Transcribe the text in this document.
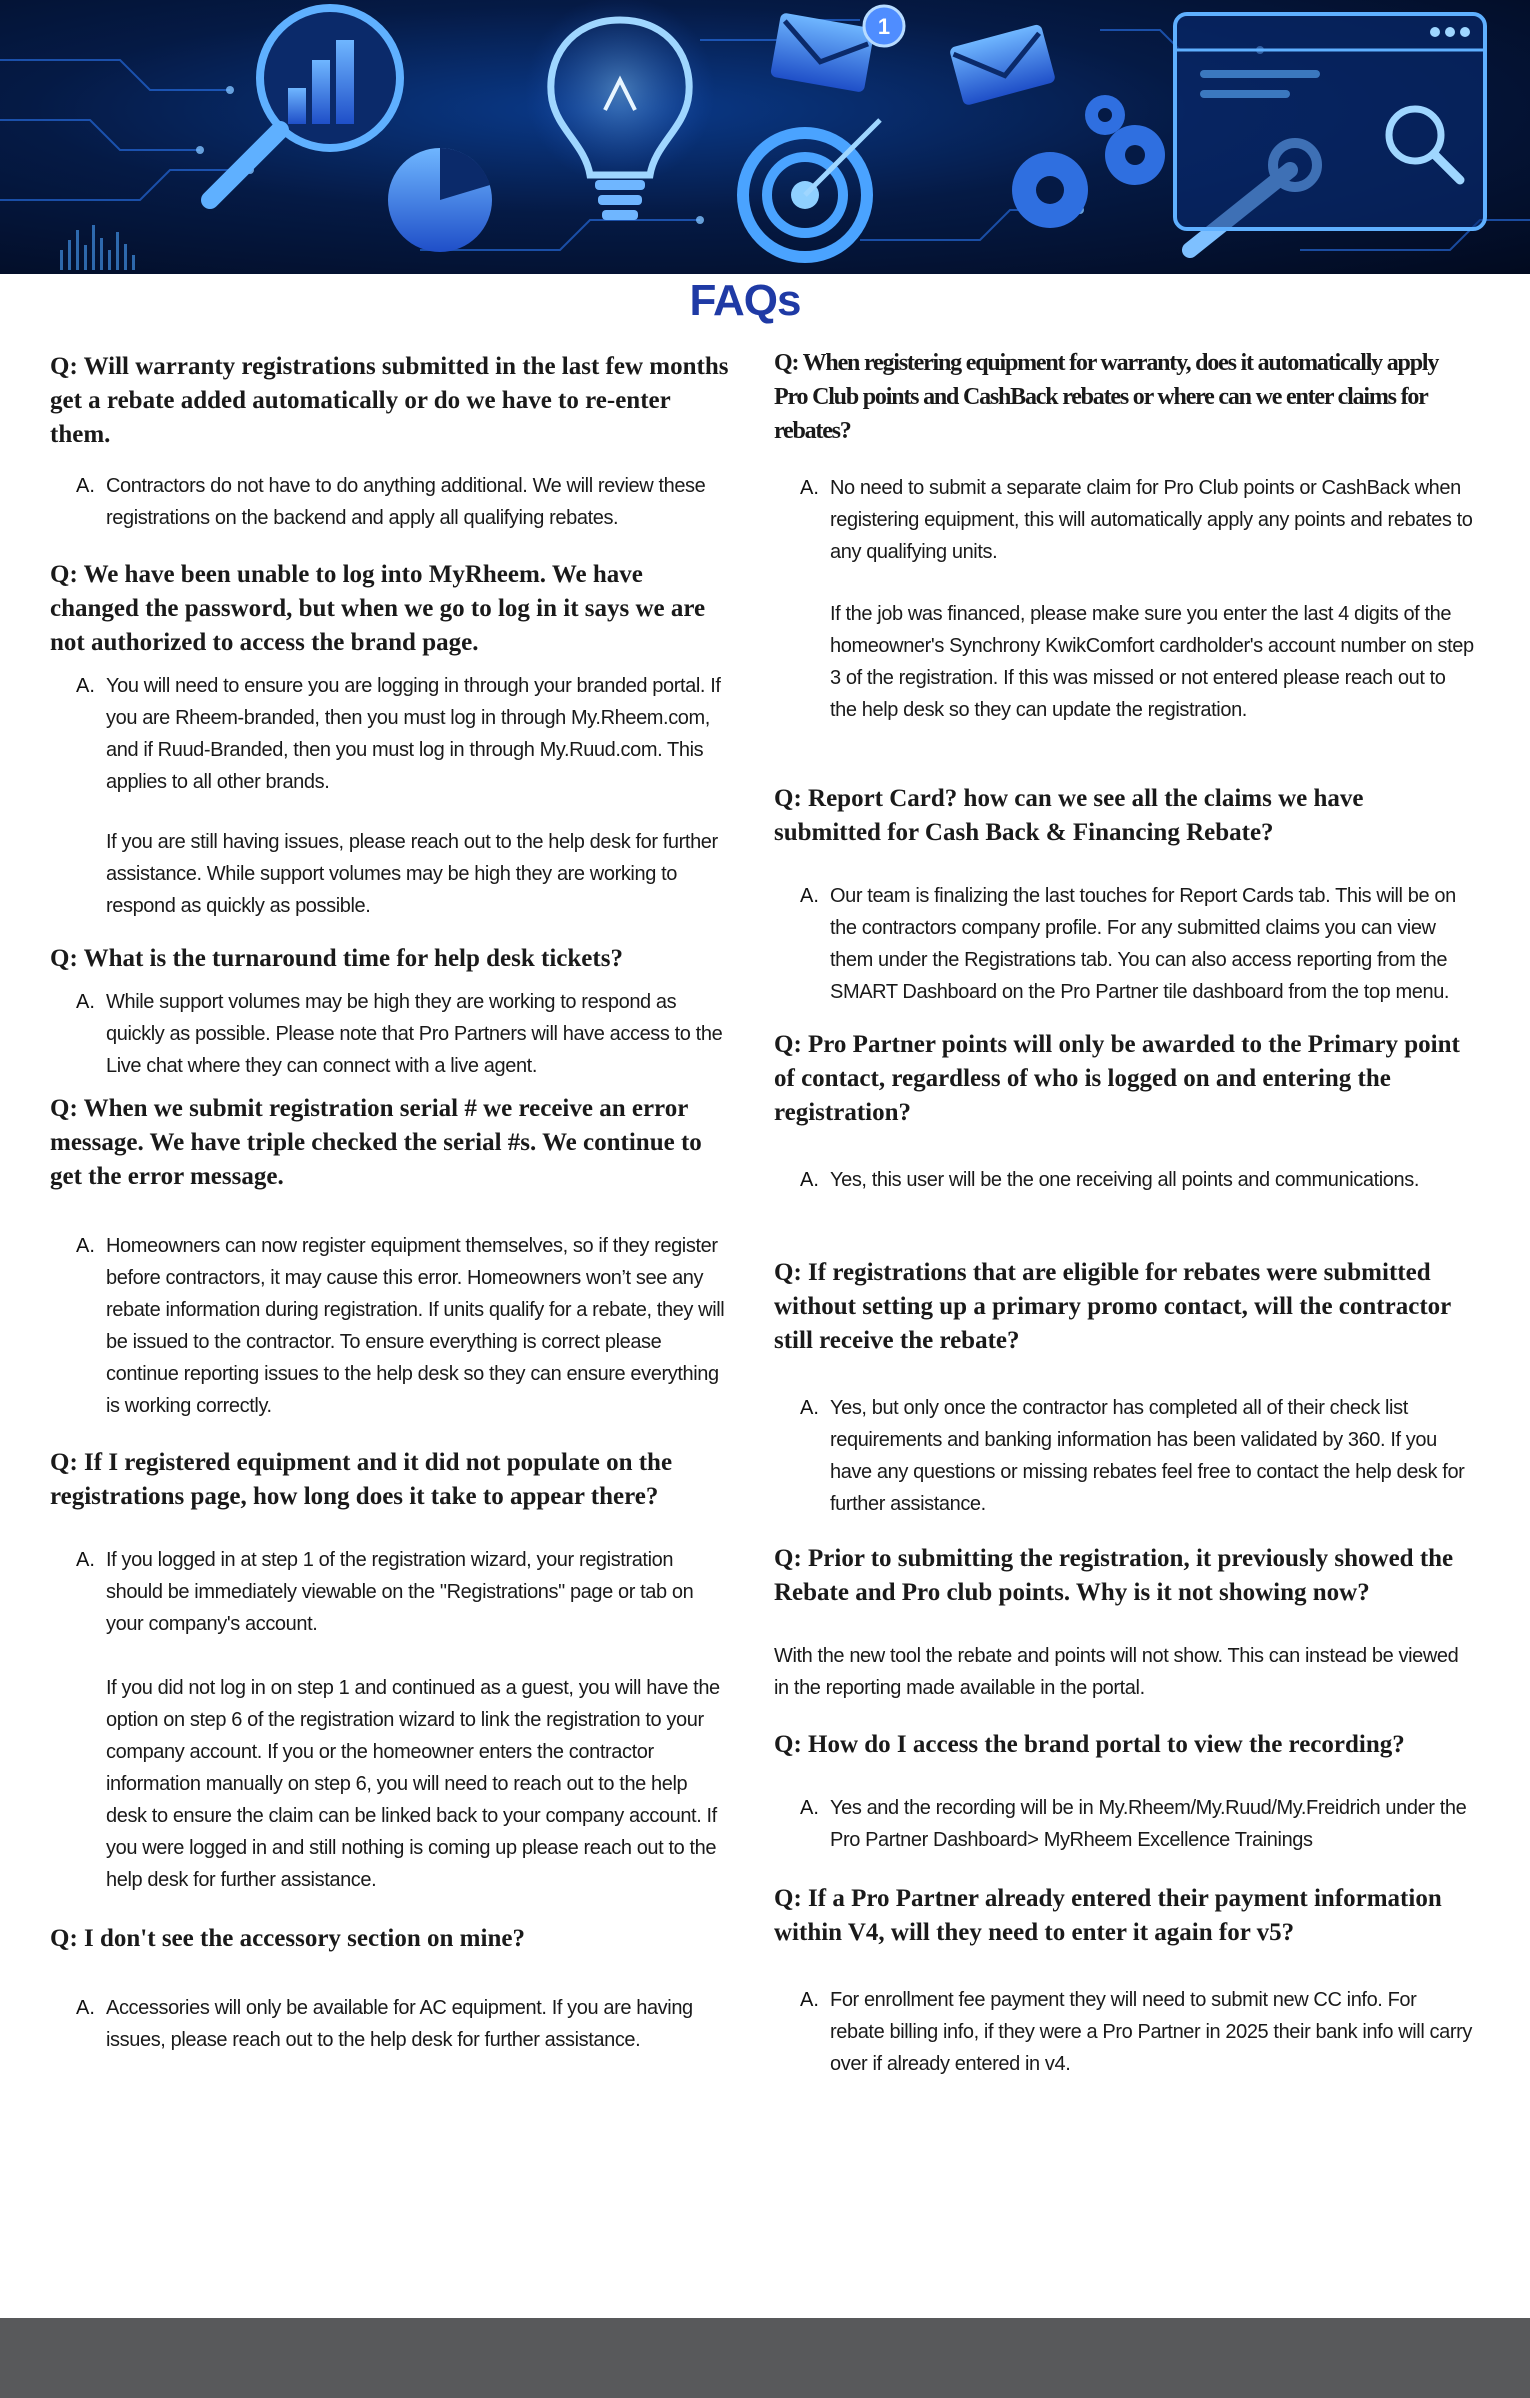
1
FAQs

Q: Will warranty registrations submitted in the last few months get a rebate added automatically or do we have to re-enter them.

A. Contractors do not have to do anything additional. We will review these registrations on the backend and apply all qualifying rebates.

Q: We have been unable to log into MyRheem. We have changed the password, but when we go to log in it says we are not authorized to access the brand page.

A. You will need to ensure you are logging in through your branded portal. If you are Rheem-branded, then you must log in through My.Rheem.com, and if Ruud-Branded, then you must log in through My.Ruud.com. This applies to all other brands.

If you are still having issues, please reach out to the help desk for further assistance. While support volumes may be high they are working to respond as quickly as possible.

Q: What is the turnaround time for help desk tickets?

A. While support volumes may be high they are working to respond as quickly as possible. Please note that Pro Partners will have access to the Live chat where they can connect with a live agent.

Q: When we submit registration serial # we receive an error message. We have triple checked the serial #s. We continue to get the error message.

A. Homeowners can now register equipment themselves, so if they register before contractors, it may cause this error. Homeowners won’t see any rebate information during registration. If units qualify for a rebate, they will be issued to the contractor. To ensure everything is correct please continue reporting issues to the help desk so they can ensure everything is working correctly.

Q: If I registered equipment and it did not populate on the registrations page, how long does it take to appear there?

A. If you logged in at step 1 of the registration wizard, your registration should be immediately viewable on the "Registrations" page or tab on your company's account.

If you did not log in on step 1 and continued as a guest, you will have the option on step 6 of the registration wizard to link the registration to your company account. If you or the homeowner enters the contractor information manually on step 6, you will need to reach out to the help desk to ensure the claim can be linked back to your company account. If you were logged in and still nothing is coming up please reach out to the help desk for further assistance.

Q: I don't see the accessory section on mine?

A. Accessories will only be available for AC equipment. If you are having issues, please reach out to the help desk for further assistance.

Q: When registering equipment for warranty, does it automatically apply Pro Club points and CashBack rebates or where can we enter claims for rebates?

A. No need to submit a separate claim for Pro Club points or CashBack when registering equipment, this will automatically apply any points and rebates to any qualifying units.

If the job was financed, please make sure you enter the last 4 digits of the homeowner's Synchrony KwikComfort cardholder's account number on step 3 of the registration. If this was missed or not entered please reach out to the help desk so they can update the registration.

Q: Report Card? how can we see all the claims we have submitted for Cash Back & Financing Rebate?

A. Our team is finalizing the last touches for Report Cards tab. This will be on the contractors company profile. For any submitted claims you can view them under the Registrations tab. You can also access reporting from the SMART Dashboard on the Pro Partner tile dashboard from the top menu.

Q: Pro Partner points will only be awarded to the Primary point of contact, regardless of who is logged on and entering the registration?

A. Yes, this user will be the one receiving all points and communications.

Q: If registrations that are eligible for rebates were submitted without setting up a primary promo contact, will the contractor still receive the rebate?

A. Yes, but only once the contractor has completed all of their check list requirements and banking information has been validated by 360. If you have any questions or missing rebates feel free to contact the help desk for further assistance.

Q: Prior to submitting the registration, it previously showed the Rebate and Pro club points. Why is it not showing now?

With the new tool the rebate and points will not show. This can instead be viewed in the reporting made available in the portal.

Q: How do I access the brand portal to view the recording?

A. Yes and the recording will be in My.Rheem/My.Ruud/My.Freidrich under the Pro Partner Dashboard> MyRheem Excellence Trainings

Q: If a Pro Partner already entered their payment information within V4, will they need to enter it again for v5?

A. For enrollment fee payment they will need to submit new CC info. For rebate billing info, if they were a Pro Partner in 2025 their bank info will carry over if already entered in v4.
